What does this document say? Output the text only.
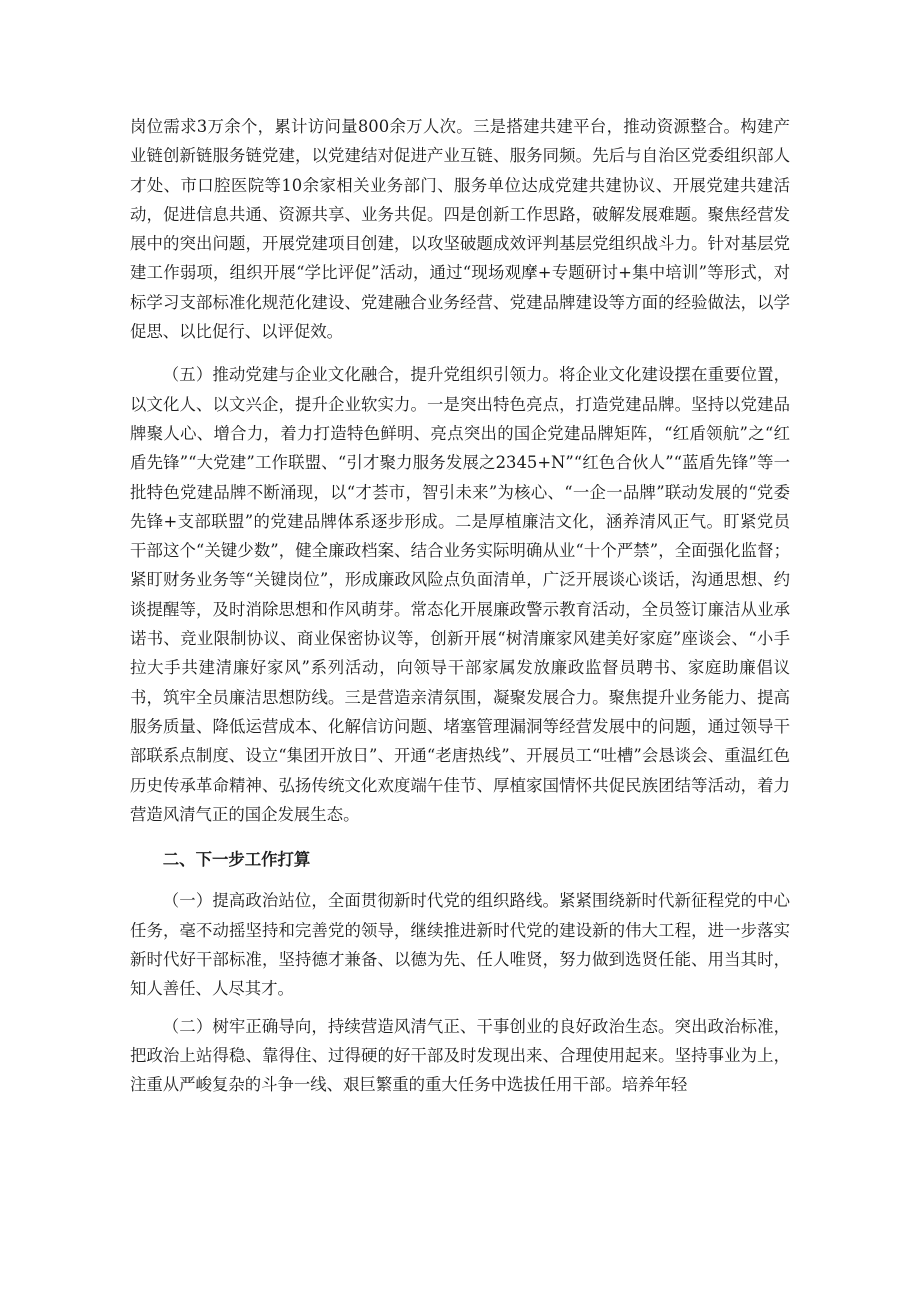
岗位需求3万余个，累计访问量800余万人次。三是搭建共建平台，推动资源整合。构建产业链创新链服务链党建，以党建结对促进产业互链、服务同频。先后与自治区党委组织部人才处、市口腔医院等10余家相关业务部门、服务单位达成党建共建协议、开展党建共建活动，促进信息共通、资源共享、业务共促。四是创新工作思路，破解发展难题。聚焦经营发展中的突出问题，开展党建项目创建，以攻坚破题成效评判基层党组织战斗力。针对基层党建工作弱项，组织开展“学比评促”活动，通过“现场观摩+专题研讨+集中培训”等形式，对标学习支部标准化规范化建设、党建融合业务经营、党建品牌建设等方面的经验做法，以学促思、以比促行、以评促效。

（五）推动党建与企业文化融合，提升党组织引领力。将企业文化建设摆在重要位置，以文化人、以文兴企，提升企业软实力。一是突出特色亮点，打造党建品牌。坚持以党建品牌聚人心、增合力，着力打造特色鲜明、亮点突出的国企党建品牌矩阵，“红盾领航”之“红盾先锋”“大党建”工作联盟、“引才聚力服务发展之2345+N”“红色合伙人”“蓝盾先锋”等一批特色党建品牌不断涌现，以“才荟市，智引未来”为核心、“一企一品牌”联动发展的“党委先锋+支部联盟”的党建品牌体系逐步形成。二是厚植廉洁文化，涵养清风正气。盯紧党员干部这个“关键少数”，健全廉政档案、结合业务实际明确从业“十个严禁”，全面强化监督；紧盯财务业务等“关键岗位”，形成廉政风险点负面清单，广泛开展谈心谈话，沟通思想、约谈提醒等，及时消除思想和作风萌芽。常态化开展廉政警示教育活动，全员签订廉洁从业承诺书、竞业限制协议、商业保密协议等，创新开展“树清廉家风建美好家庭”座谈会、“小手拉大手共建清廉好家风”系列活动，向领导干部家属发放廉政监督员聘书、家庭助廉倡议书，筑牢全员廉洁思想防线。三是营造亲清氛围，凝聚发展合力。聚焦提升业务能力、提高服务质量、降低运营成本、化解信访问题、堵塞管理漏洞等经营发展中的问题，通过领导干部联系点制度、设立“集团开放日”、开通“老唐热线”、开展员工“吐槽”会恳谈会、重温红色历史传承革命精神、弘扬传统文化欢度端午佳节、厚植家国情怀共促民族团结等活动，着力营造风清气正的国企发展生态。

二、下一步工作打算

（一）提高政治站位，全面贯彻新时代党的组织路线。紧紧围绕新时代新征程党的中心任务，毫不动摇坚持和完善党的领导，继续推进新时代党的建设新的伟大工程，进一步落实新时代好干部标准，坚持德才兼备、以德为先、任人唯贤，努力做到选贤任能、用当其时，知人善任、人尽其才。

（二）树牢正确导向，持续营造风清气正、干事创业的良好政治生态。突出政治标准，把政治上站得稳、靠得住、过得硬的好干部及时发现出来、合理使用起来。坚持事业为上，注重从严峻复杂的斗争一线、艰巨繁重的重大任务中选拔任用干部。培养年轻
